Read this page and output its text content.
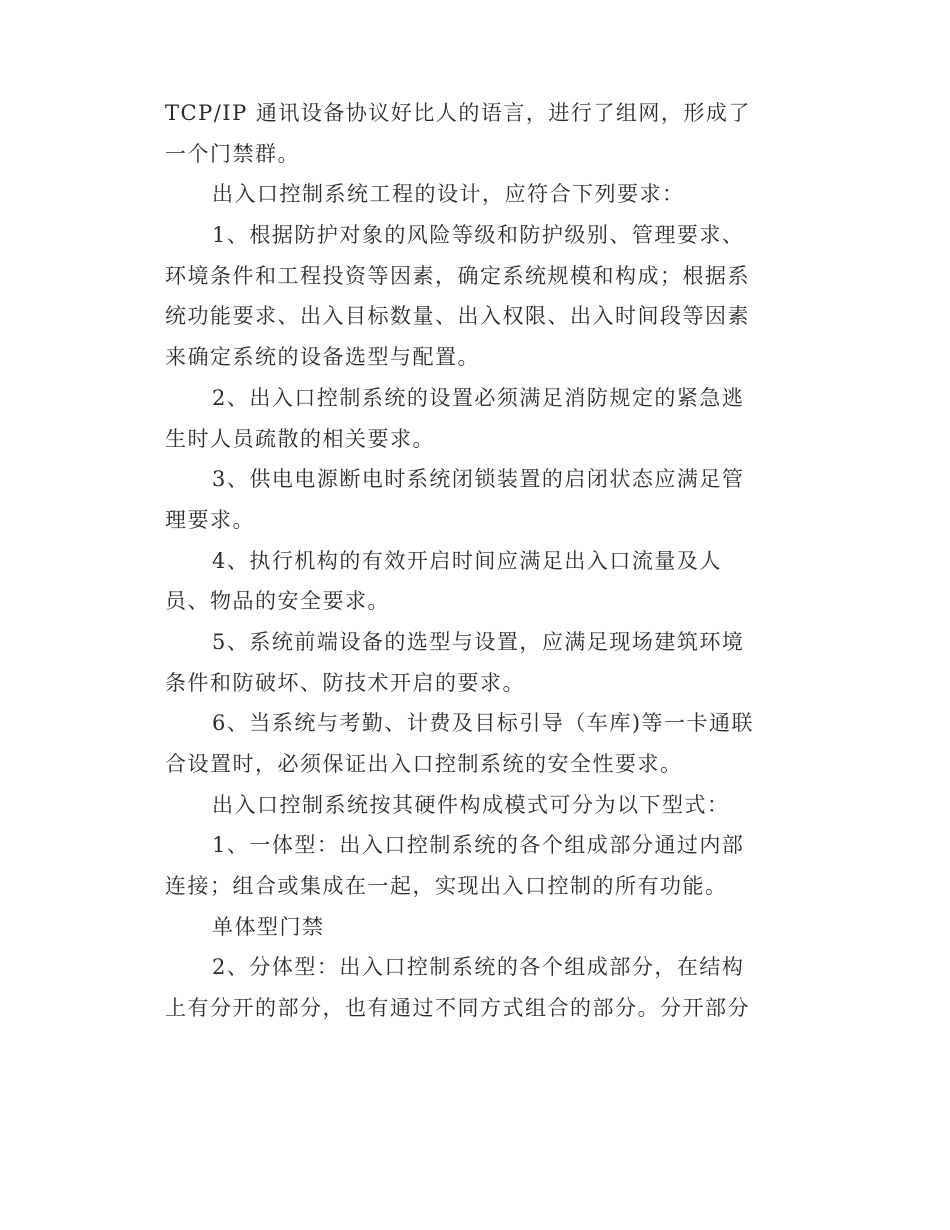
TCP/IP 通讯设备协议好比人的语言，进行了组网，形成了
一个门禁群。
出入口控制系统工程的设计，应符合下列要求：
1、根据防护对象的风险等级和防护级别、管理要求、
环境条件和工程投资等因素，确定系统规模和构成；根据系
统功能要求、出入目标数量、出入权限、出入时间段等因素
来确定系统的设备选型与配置。
2、出入口控制系统的设置必须满足消防规定的紧急逃
生时人员疏散的相关要求。
3、供电电源断电时系统闭锁装置的启闭状态应满足管
理要求。
4、执行机构的有效开启时间应满足出入口流量及人
员、物品的安全要求。
5、系统前端设备的选型与设置，应满足现场建筑环境
条件和防破坏、防技术开启的要求。
6、当系统与考勤、计费及目标引导（车库)等一卡通联
合设置时，必须保证出入口控制系统的安全性要求。
出入口控制系统按其硬件构成模式可分为以下型式：
1、一体型：出入口控制系统的各个组成部分通过内部
连接；组合或集成在一起，实现出入口控制的所有功能。
单体型门禁
2、分体型：出入口控制系统的各个组成部分，在结构
上有分开的部分，也有通过不同方式组合的部分。分开部分
